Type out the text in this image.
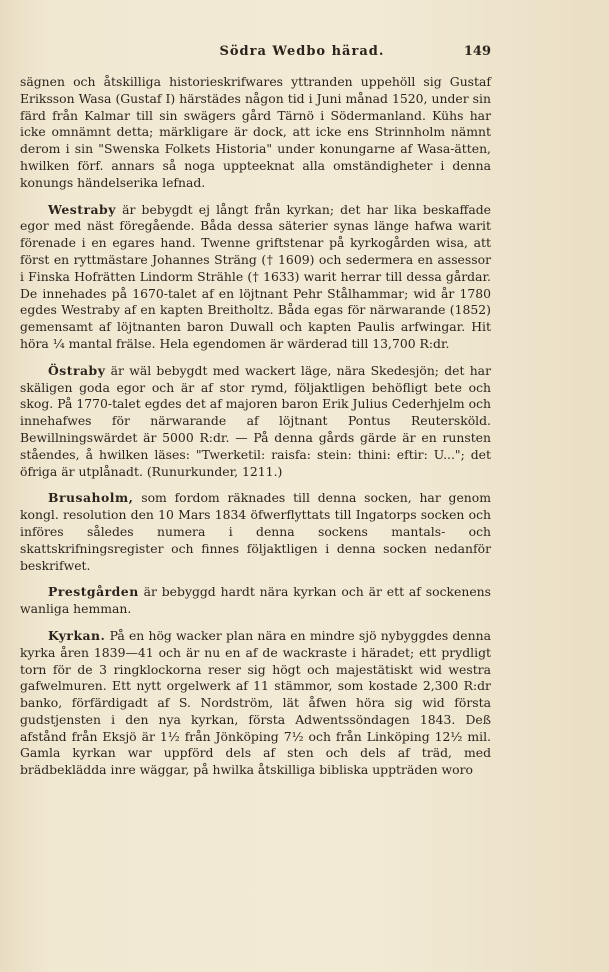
Södra Wedbo härad.	149

sägnen och åtskilliga historieskrifwares yttranden uppehöll sig Gustaf Eriksson Wasa (Gustaf I) härstädes någon tid i Juni månad 1520, under sin färd från Kalmar till sin swägers gård Tärnö i Södermanland. Kühs har icke omnämnt detta; märkligare är dock, att icke ens Strinnholm nämnt derom i sin "Swenska Folkets Historia" under konungarne af Wasa-ätten, hwilken förf. annars så noga uppteeknat alla omständigheter i denna konungs händelserika lefnad.

Westraby är bebygdt ej långt från kyrkan; det har lika beskaffade egor med näst föregående. Båda dessa säterier synas länge hafwa warit förenade i en egares hand. Twenne griftstenar på kyrkogården wisa, att först en ryttmästare Johannes Sträng († 1609) och sedermera en assessor i Finska Hofrätten Lindorm Strähle († 1633) warit herrar till dessa gårdar. De innehades på 1670-talet af en löjtnant Pehr Stålhammar; wid år 1780 egdes Westraby af en kapten Breitholtz. Båda egas för närwarande (1852) gemensamt af löjtnanten baron Duwall och kapten Paulis arfwingar. Hit höra ¼ mantal frälse. Hela egendomen är wärderad till 13,700 R:dr.

Östraby är wäl bebygdt med wackert läge, nära Skedesjön; det har skäligen goda egor och är af stor rymd, följaktligen behöfligt bete och skog. På 1770-talet egdes det af majoren baron Erik Julius Cederhjelm och innehafwes för närwarande af löjtnant Pontus Reutersköld. Bewillningswärdet är 5000 R:dr. — På denna gårds gärde är en runsten ståendes, å hwilken läses: "Twerketil: raisfa: stein: thini: eftir: U..."; det öfriga är utplånadt. (Runurkunder, 1211.)

Brusaholm, som fordom räknades till denna socken, har genom kongl. resolution den 10 Mars 1834 öfwerflyttats till Ingatorps socken och införes således numera i denna sockens mantals- och skattskrifningsregister och finnes följaktligen i denna socken nedanför beskrifwet.

Prestgården är bebyggd hardt nära kyrkan och är ett af sockenens wanliga hemman.

Kyrkan. På en hög wacker plan nära en mindre sjö nybyggdes denna kyrka åren 1839—41 och är nu en af de wackraste i häradet; ett prydligt torn för de 3 ringklockorna reser sig högt och majestätiskt wid westra gafwelmuren. Ett nytt orgelwerk af 11 stämmor, som kostade 2,300 R:dr banko, förfärdigadt af S. Nordström, lät åfwen höra sig wid första gudstjensten i den nya kyrkan, första Adwentssöndagen 1843. Deß afstånd från Eksjö är 1½ från Jönköping 7½ och från Linköping 12½ mil. Gamla kyrkan war uppförd dels af sten och dels af träd, med brädbeklädda inre wäggar, på hwilka åtskilliga bibliska uppträden woro
